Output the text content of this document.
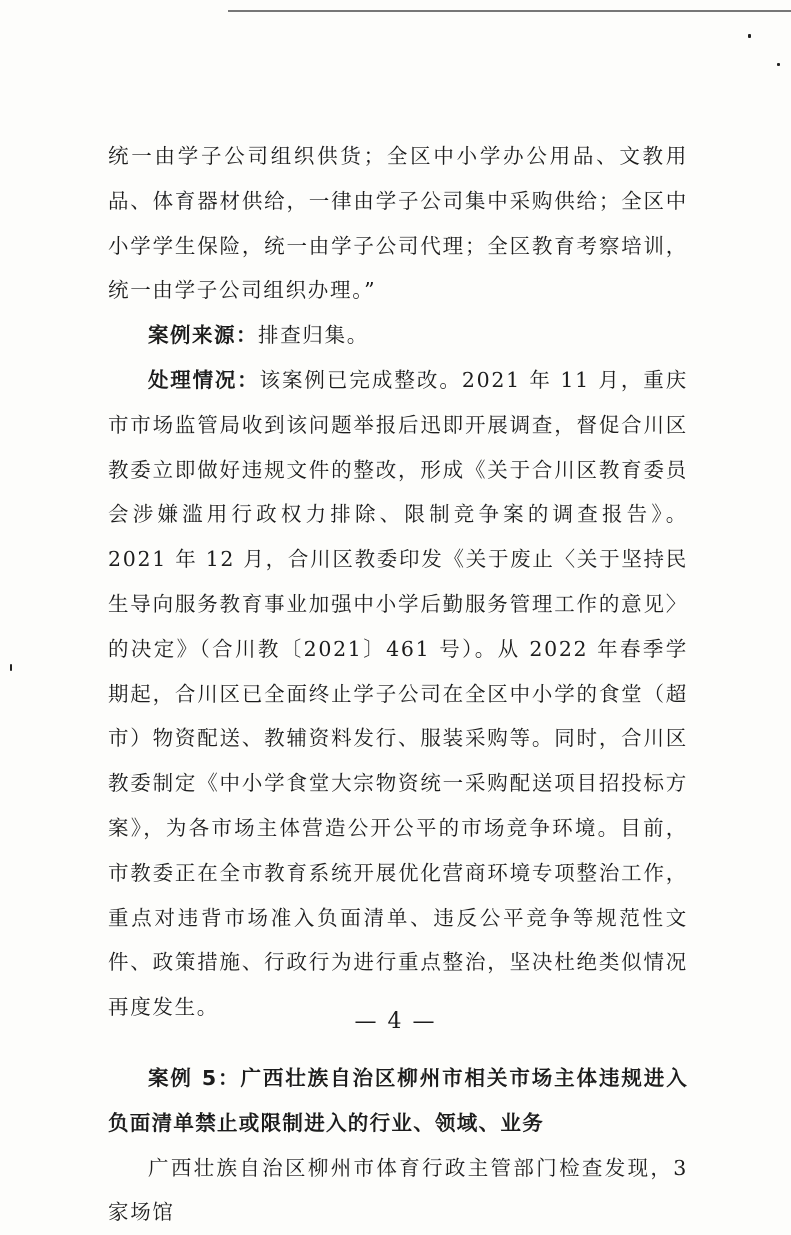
统一由学子公司组织供货；全区中小学办公用品、文教用品、体育器材供给，一律由学子公司集中采购供给；全区中小学学生保险，统一由学子公司代理；全区教育考察培训，统一由学子公司组织办理。”

案例来源：排查归集。

处理情况：该案例已完成整改。2021 年 11 月，重庆市市场监管局收到该问题举报后迅即开展调查，督促合川区教委立即做好违规文件的整改，形成《关于合川区教育委员会涉嫌滥用行政权力排除、限制竞争案的调查报告》。2021 年 12 月，合川区教委印发《关于废止〈关于坚持民生导向服务教育事业加强中小学后勤服务管理工作的意见〉的决定》（合川教〔2021〕461 号）。从 2022 年春季学期起，合川区已全面终止学子公司在全区中小学的食堂（超市）物资配送、教辅资料发行、服装采购等。同时，合川区教委制定《中小学食堂大宗物资统一采购配送项目招投标方案》，为各市场主体营造公开公平的市场竞争环境。目前，市教委正在全市教育系统开展优化营商环境专项整治工作，重点对违背市场准入负面清单、违反公平竞争等规范性文件、政策措施、行政行为进行重点整治，坚决杜绝类似情况再度发生。

案例 5：广西壮族自治区柳州市相关市场主体违规进入负面清单禁止或限制进入的行业、领域、业务

广西壮族自治区柳州市体育行政主管部门检查发现，3 家场馆

— 4 —
